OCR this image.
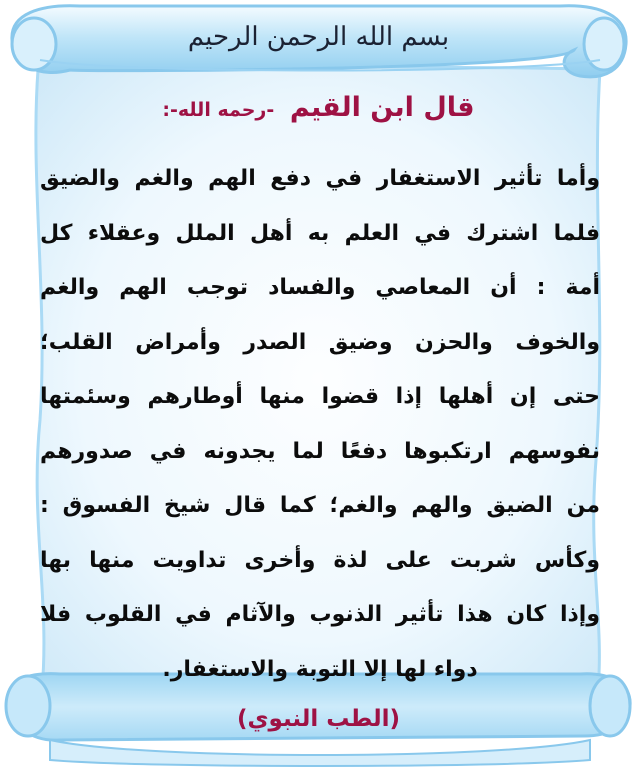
بسم الله الرحمن الرحيم
قال ابن القيم -رحمه الله-:
وأما تأثير الاستغفار في دفع الهم والغم والضيق
فلما اشترك في العلم به أهل الملل وعقلاء كل
أمة : أن المعاصي والفساد توجب الهم والغم
والخوف والحزن وضيق الصدر وأمراض القلب؛
حتى إن أهلها إذا قضوا منها أوطارهم وسئمتها
نفوسهم ارتكبوها دفعًا لما يجدونه في صدورهم
من الضيق والهم والغم؛ كما قال شيخ الفسوق :
وكأس شربت على لذة وأخرى تداويت منها بها
وإذا كان هذا تأثير الذنوب والآثام في القلوب فلا
دواء لها إلا التوبة والاستغفار.
(الطب النبوي)
